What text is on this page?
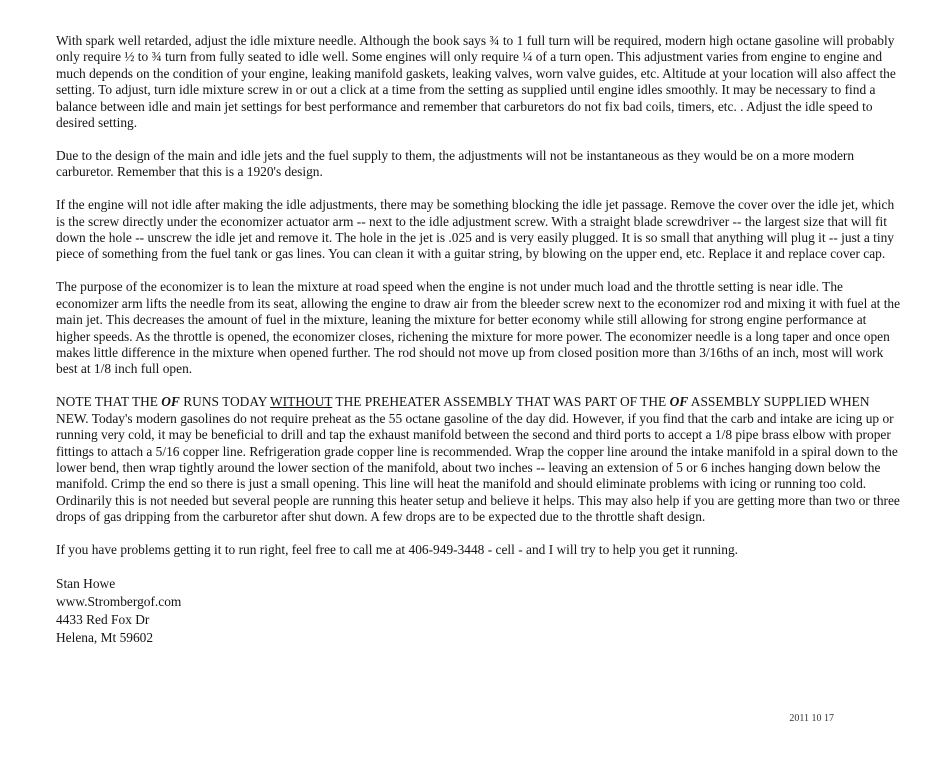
With spark well retarded, adjust the idle mixture needle. Although the book says ¾ to 1 full turn will be required, modern high octane gasoline will probably only require ½ to ¾ turn from fully seated to idle well. Some engines will only require ¼ of a turn open. This adjustment varies from engine to engine and much depends on the condition of your engine, leaking manifold gaskets, leaking valves, worn valve guides, etc. Altitude at your location will also affect the setting. To adjust, turn idle mixture screw in or out a click at a time from the setting as supplied until engine idles smoothly. It may be necessary to find a balance between idle and main jet settings for best performance and remember that carburetors do not fix bad coils, timers, etc. . Adjust the idle speed to desired setting.

Due to the design of the main and idle jets and the fuel supply to them, the adjustments will not be instantaneous as they would be on a more modern carburetor. Remember that this is a 1920's design.

If the engine will not idle after making the idle adjustments, there may be something blocking the idle jet passage. Remove the cover over the idle jet, which is the screw directly under the economizer actuator arm -- next to the idle adjustment screw. With a straight blade screwdriver -- the largest size that will fit down the hole -- unscrew the idle jet and remove it. The hole in the jet is .025 and is very easily plugged. It is so small that anything will plug it -- just a tiny piece of something from the fuel tank or gas lines. You can clean it with a guitar string, by blowing on the upper end, etc. Replace it and replace cover cap.

The purpose of the economizer is to lean the mixture at road speed when the engine is not under much load and the throttle setting is near idle. The economizer arm lifts the needle from its seat, allowing the engine to draw air from the bleeder screw next to the economizer rod and mixing it with fuel at the main jet. This decreases the amount of fuel in the mixture, leaning the mixture for better economy while still allowing for strong engine performance at higher speeds. As the throttle is opened, the economizer closes, richening the mixture for more power. The economizer needle is a long taper and once open makes little difference in the mixture when opened further. The rod should not move up from closed position more than 3/16ths of an inch, most will work best at 1/8 inch full open.

NOTE THAT THE OF RUNS TODAY WITHOUT THE PREHEATER ASSEMBLY THAT WAS PART OF THE OF ASSEMBLY SUPPLIED WHEN NEW. Today's modern gasolines do not require preheat as the 55 octane gasoline of the day did. However, if you find that the carb and intake are icing up or running very cold, it may be beneficial to drill and tap the exhaust manifold between the second and third ports to accept a 1/8 pipe brass elbow with proper fittings to attach a 5/16 copper line. Refrigeration grade copper line is recommended. Wrap the copper line around the intake manifold in a spiral down to the lower bend, then wrap tightly around the lower section of the manifold, about two inches -- leaving an extension of 5 or 6 inches hanging down below the manifold. Crimp the end so there is just a small opening. This line will heat the manifold and should eliminate problems with icing or running too cold. Ordinarily this is not needed but several people are running this heater setup and believe it helps. This may also help if you are getting more than two or three drops of gas dripping from the carburetor after shut down. A few drops are to be expected due to the throttle shaft design.

If you have problems getting it to run right, feel free to call me at 406-949-3448 - cell - and I will try to help you get it running.

Stan Howe
www.Strombergof.com
4433 Red Fox Dr
Helena, Mt 59602
2011 10 17
